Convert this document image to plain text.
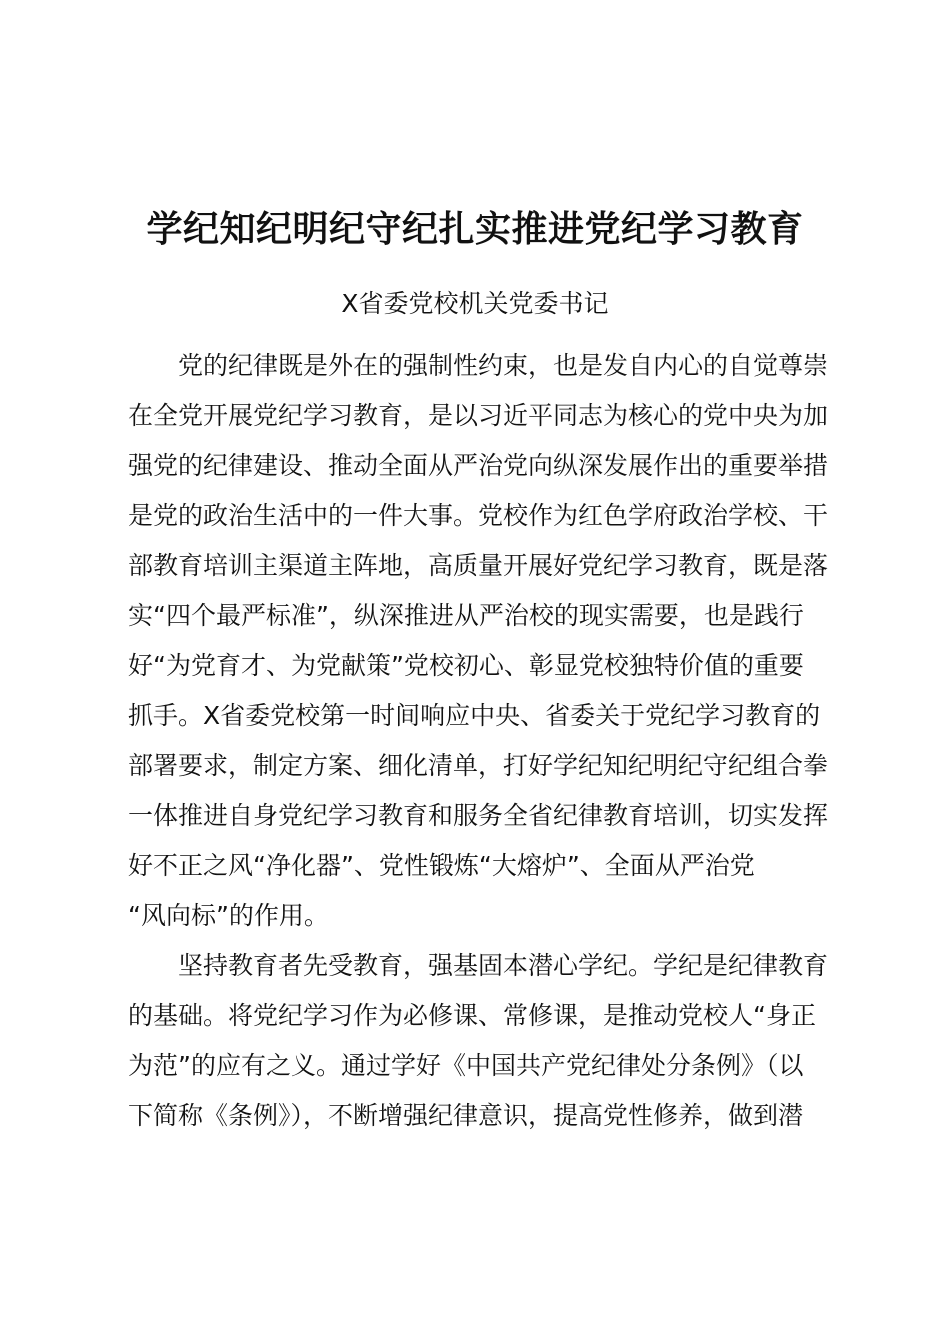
学纪知纪明纪守纪扎实推进党纪学习教育
X省委党校机关党委书记
党的纪律既是外在的强制性约束，也是发自内心的自觉尊崇
在全党开展党纪学习教育，是以习近平同志为核心的党中央为加
强党的纪律建设、推动全面从严治党向纵深发展作出的重要举措
是党的政治生活中的一件大事。党校作为红色学府政治学校、干
部教育培训主渠道主阵地，高质量开展好党纪学习教育，既是落
实“四个最严标准”，纵深推进从严治校的现实需要，也是践行
好“为党育才、为党献策”党校初心、彰显党校独特价值的重要
抓手。X省委党校第一时间响应中央、省委关于党纪学习教育的
部署要求，制定方案、细化清单，打好学纪知纪明纪守纪组合拳
一体推进自身党纪学习教育和服务全省纪律教育培训，切实发挥
好不正之风“净化器”、党性锻炼“大熔炉”、全面从严治党
“风向标”的作用。
坚持教育者先受教育，强基固本潜心学纪。学纪是纪律教育
的基础。将党纪学习作为必修课、常修课，是推动党校人“身正
为范”的应有之义。通过学好《中国共产党纪律处分条例》（以
下简称《条例》），不断增强纪律意识，提高党性修养，做到潜
